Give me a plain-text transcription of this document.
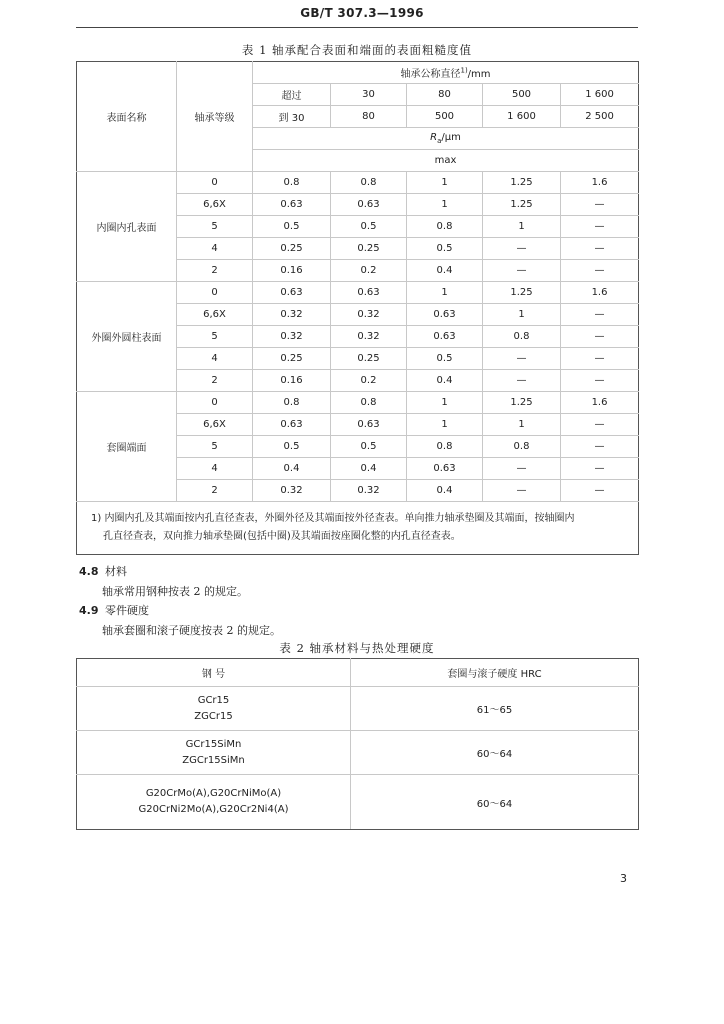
GB/T 307.3—1996
表 1 轴承配合表面和端面的表面粗糙度值
表面名称	轴承等级	轴承公称直径$^{1)}$/mm				
		超过	30	80	500	1 600
		到 30	80	500	1 600	2 500
		$R_a/\mu m$				
		max				
内圈内孔表面	0	0.8	0.8	1	1.25	1.6
	6,6X	0.63	0.63	1	1.25	—
	5	0.5	0.5	0.8	1	—
	4	0.25	0.25	0.5	—	—
	2	0.16	0.2	0.4	—	—
外圈外圆柱表面	0	0.63	0.63	1	1.25	1.6
	6,6X	0.32	0.32	0.63	1	—
	5	0.32	0.32	0.63	0.8	—
	4	0.25	0.25	0.5	—	—
	2	0.16	0.2	0.4	—	—
套圈端面	0	0.8	0.8	1	1.25	1.6
	6,6X	0.63	0.63	1	1	—
	5	0.5	0.5	0.8	0.8	—
	4	0.4	0.4	0.63	—	—
	2	0.32	0.32	0.4	—	—

1) 内圈内孔及其端面按内孔直径查表，外圈外径及其端面按外径查表。单向推力轴承垫圈及其端面，按轴圈内
孔直径查表，双向推力轴承垫圈(包括中圈)及其端面按座圈化整的内孔直径查表。						
4.8 材料
轴承常用钢种按表 2 的规定。
4.9 零件硬度
轴承套圈和滚子硬度按表 2 的规定。
表 2 轴承材料与热处理硬度
钢 号	套圈与滚子硬度 HRC

GCr15
ZGCr15	61～65

GCr15SiMn
ZGCr15SiMn	60～64

G20CrMo(A),G20CrNiMo(A)
G20CrNi2Mo(A),G20Cr2Ni4(A)	60～64
3
